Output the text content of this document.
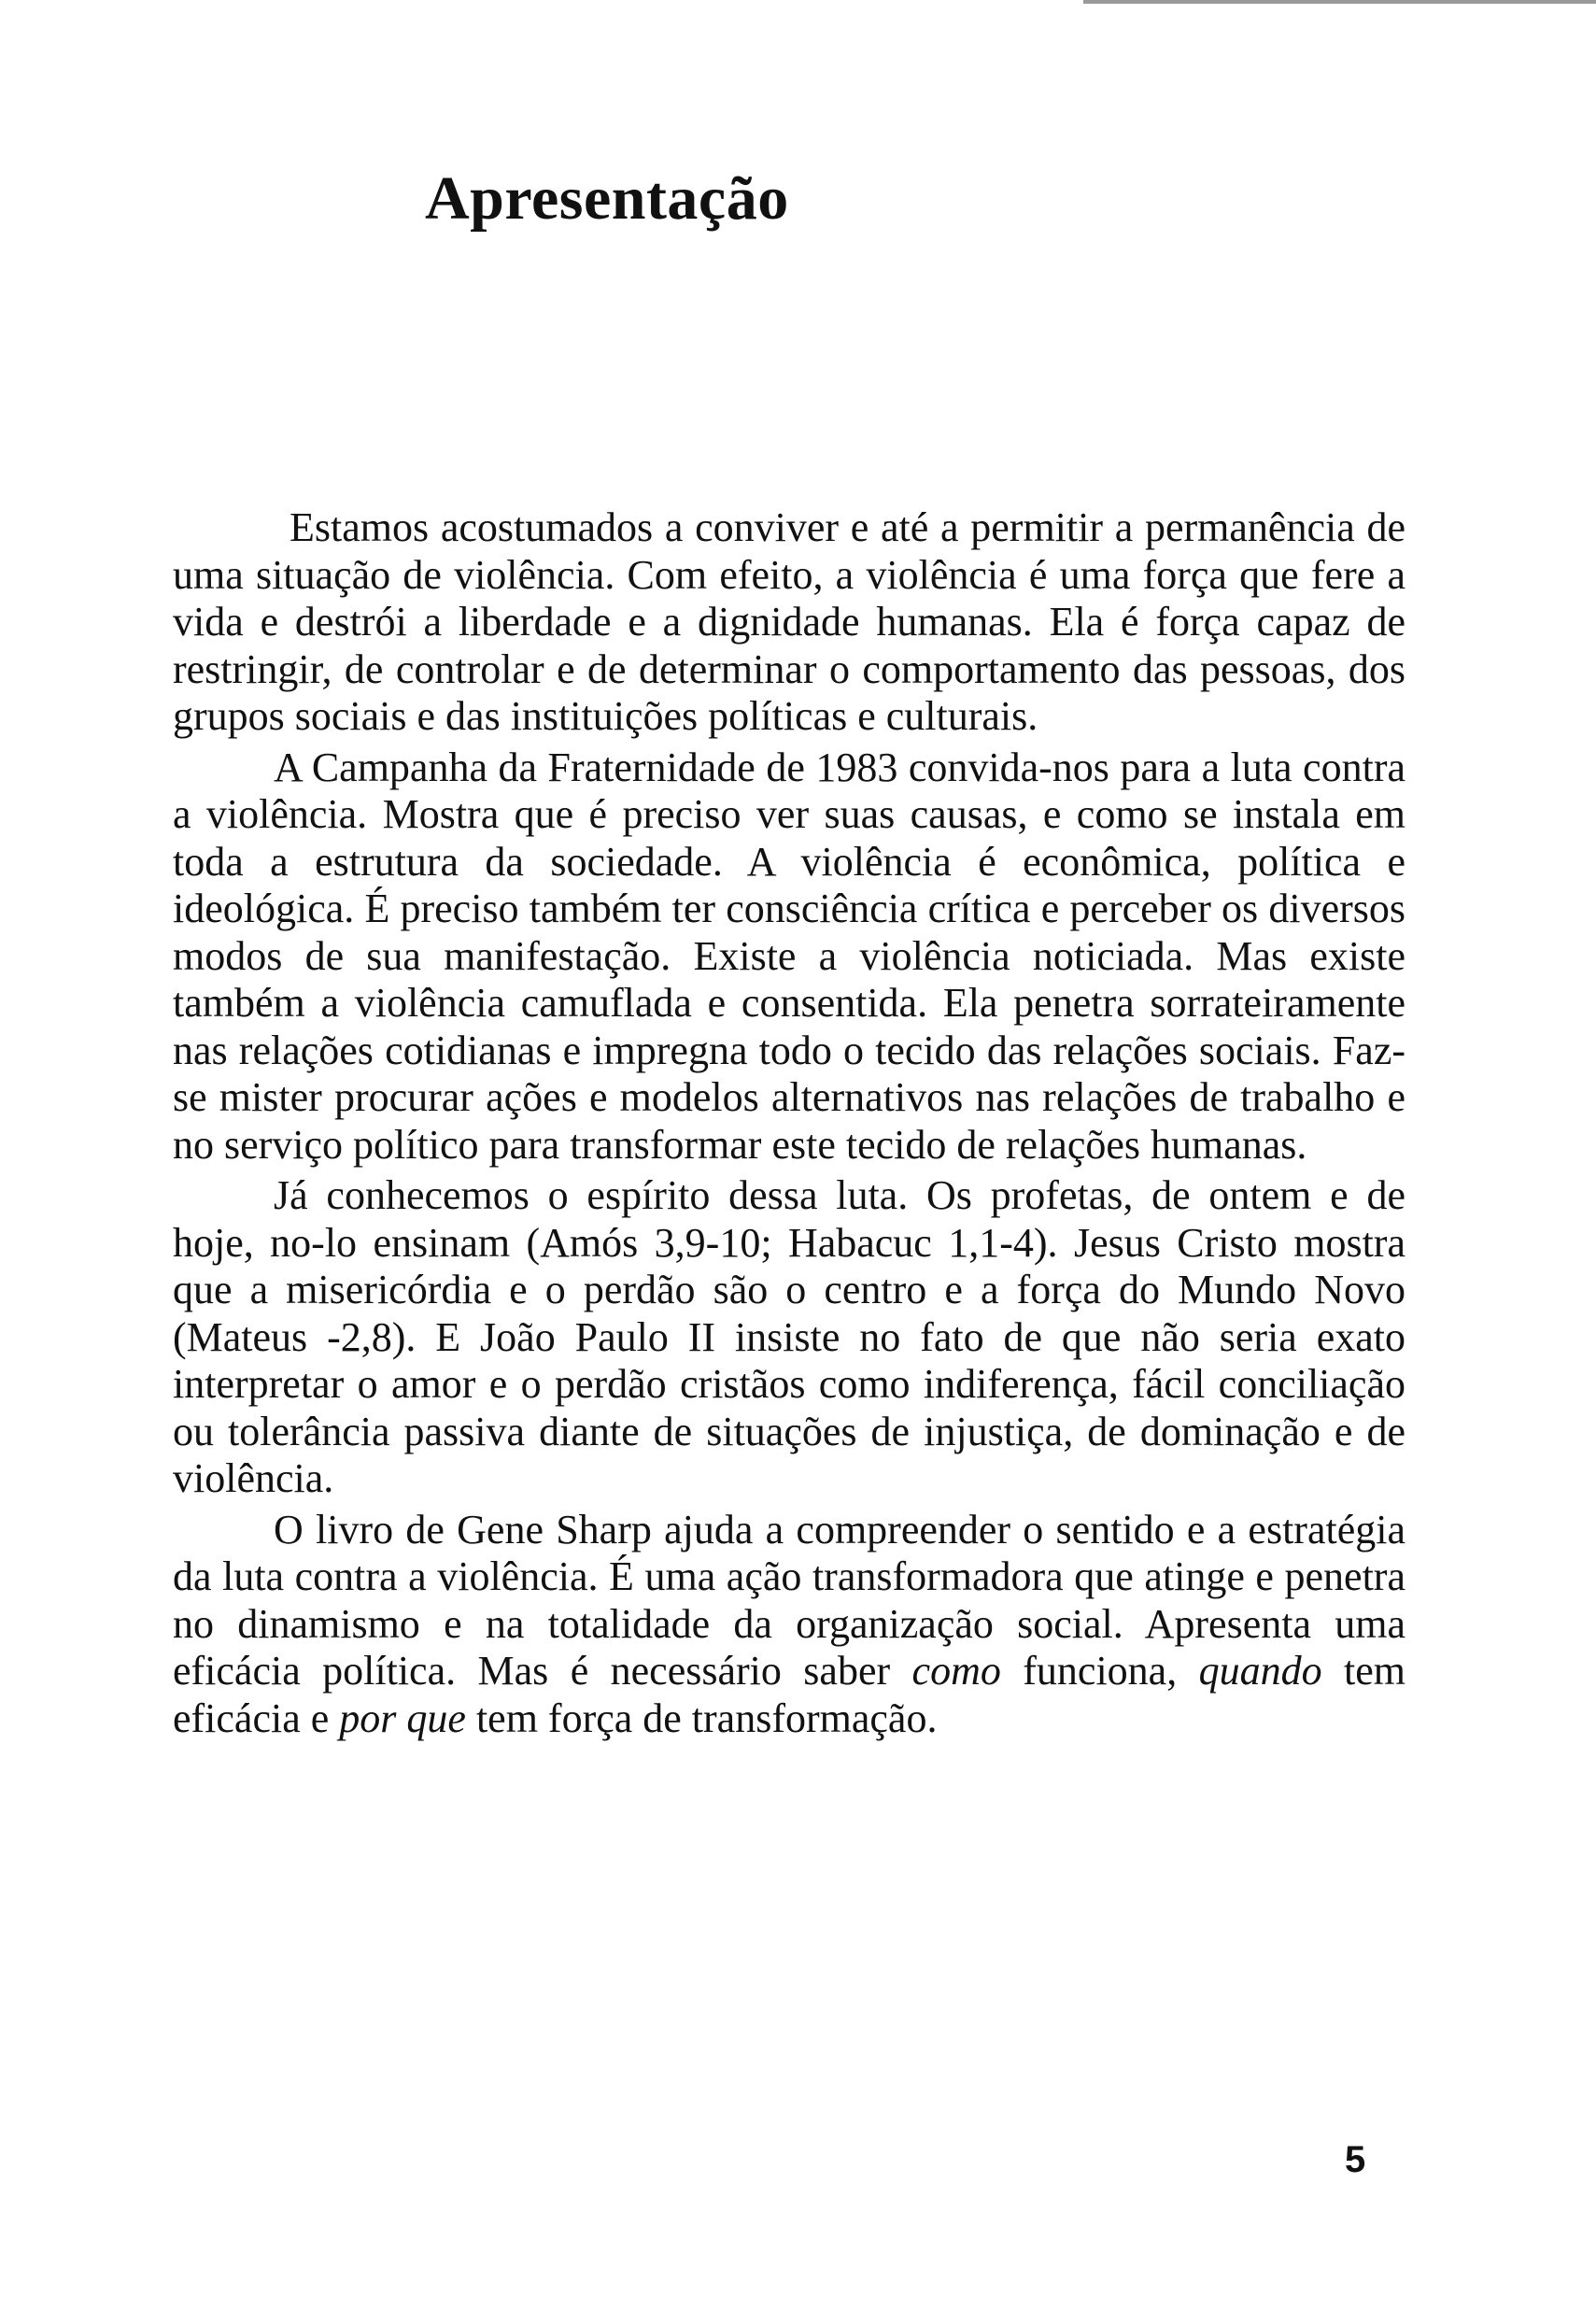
Apresentação

Estamos acostumados a conviver e até a permitir a permanência de uma situação de violência. Com efeito, a violência é uma força que fere a vida e destrói a liberdade e a dignidade humanas. Ela é força capaz de restringir, de controlar e de determinar o comportamento das pessoas, dos grupos sociais e das instituições políticas e culturais.

A Campanha da Fraternidade de 1983 convida-nos para a luta contra a violência. Mostra que é preciso ver suas causas, e como se instala em toda a estrutura da sociedade. A violência é econômica, política e ideológica. É preciso também ter consciência crítica e perceber os diversos modos de sua manifestação. Existe a violência noticiada. Mas existe também a violência camuflada e consentida. Ela penetra sorrateiramente nas relações cotidianas e impregna todo o tecido das relações sociais. Faz-se mister procurar ações e modelos alternativos nas relações de trabalho e no serviço político para transformar este tecido de relações humanas.

Já conhecemos o espírito dessa luta. Os profetas, de ontem e de hoje, no-lo ensinam (Amós 3,9-10; Habacuc 1,1-4). Jesus Cristo mostra que a misericórdia e o perdão são o centro e a força do Mundo Novo (Mateus -2,8). E João Paulo II insiste no fato de que não seria exato interpretar o amor e o perdão cristãos como indiferença, fácil conciliação ou tolerância passiva diante de situações de injustiça, de dominação e de violência.

O livro de Gene Sharp ajuda a compreender o sentido e a estratégia da luta contra a violência. É uma ação transformadora que atinge e penetra no dinamismo e na totalidade da organização social. Apresenta uma eficácia política. Mas é necessário saber como funciona, quando tem eficácia e por que tem força de transformação.

5
